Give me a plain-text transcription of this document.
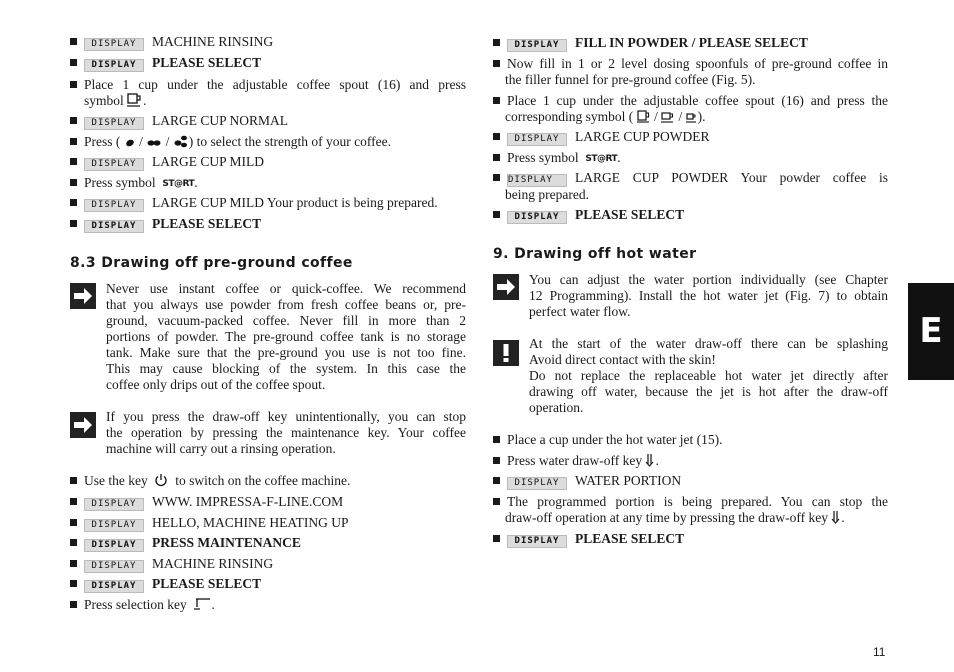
DISPLAY MACHINE RINSING
DISPLAY PLEASE SELECT
Place 1 cup under the adjustable coffee spout (16) and press
symbol .
DISPLAY LARGE CUP NORMAL
Press ( / / ) to select the strength of your coffee.
DISPLAY LARGE CUP MILD
Press symbol ST@RT.
DISPLAY LARGE CUP MILD Your product is being prepared.
DISPLAY PLEASE SELECT
8.3 Drawing off pre-ground coffee
Never use instant coffee or quick-coffee. We recommend
that you always use powder from fresh coffee beans or, pre-
ground, vacuum-packed coffee. Never fill in more than 2
portions of powder. The pre-ground coffee tank is no storage
tank. Make sure that the pre-ground you use is not too fine.
This may cause blocking of the system. In this case the
coffee only drips out of the coffee spout.
If you press the draw-off key unintentionally, you can stop
the operation by pressing the maintenance key. Your coffee
machine will carry out a rinsing operation.
Use the key to switch on the coffee machine.
DISPLAY WWW. IMPRESSA-F-LINE.COM
DISPLAY HELLO, MACHINE HEATING UP
DISPLAY PRESS MAINTENANCE
DISPLAY MACHINE RINSING
DISPLAY PLEASE SELECT
Press selection key .
DISPLAY FILL IN POWDER / PLEASE SELECT
Now fill in 1 or 2 level dosing spoonfuls of pre-ground coffee in
the filler funnel for pre-ground coffee (Fig. 5).
Place 1 cup under the adjustable coffee spout (16) and press the
corresponding symbol ( / / ).
DISPLAY LARGE CUP POWDER
Press symbol ST@RT.
DISPLAY LARGE CUP POWDER Your powder coffee is
being prepared.
DISPLAY PLEASE SELECT
9. Drawing off hot water
You can adjust the water portion individually (see Chapter
12 Programming). Install the hot water jet (Fig. 7) to obtain
perfect water flow.
At the start of the water draw-off there can be splashing
Avoid direct contact with the skin!
Do not replace the replaceable hot water jet directly after
drawing off water, because the jet is hot after the draw-off
operation.
Place a cup under the hot water jet (15).
Press water draw-off key .
DISPLAY WATER PORTION
The programmed portion is being prepared. You can stop the
draw-off operation at any time by pressing the draw-off key .
DISPLAY PLEASE SELECT
E
11
